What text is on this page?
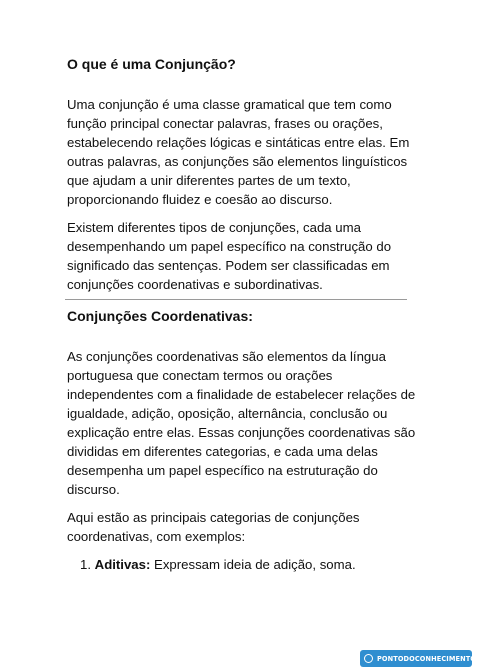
O que é uma Conjunção?
Uma conjunção é uma classe gramatical que tem como
função principal conectar palavras, frases ou orações,
estabelecendo relações lógicas e sintáticas entre elas. Em
outras palavras, as conjunções são elementos linguísticos
que ajudam a unir diferentes partes de um texto,
proporcionando fluidez e coesão ao discurso.
Existem diferentes tipos de conjunções, cada uma
desempenhando um papel específico na construção do
significado das sentenças. Podem ser classificadas em
conjunções coordenativas e subordinativas.
Conjunções Coordenativas:
As conjunções coordenativas são elementos da língua
portuguesa que conectam termos ou orações
independentes com a finalidade de estabelecer relações de
igualdade, adição, oposição, alternância, conclusão ou
explicação entre elas. Essas conjunções coordenativas são
divididas em diferentes categorias, e cada uma delas
desempenha um papel específico na estruturação do
discurso.
Aqui estão as principais categorias de conjunções
coordenativas, com exemplos:
1. Aditivas: Expressam ideia de adição, soma.
PONTODOCONHECIMENTO.COM
